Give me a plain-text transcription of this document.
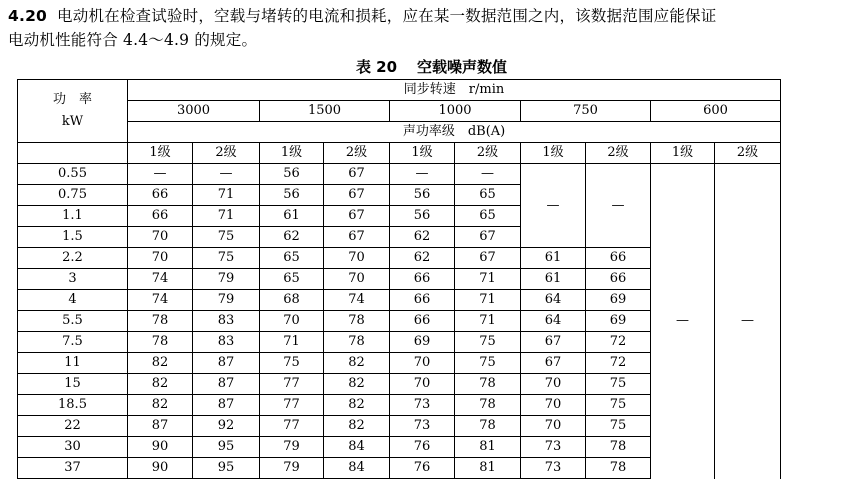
4.20 电动机在检查试验时，空载与堵转的电流和损耗，应在某一数据范围之内，该数据范围应能保证
电动机性能符合 4.4～4.9 的规定。
表 20 空载噪声数值
功　率
kW	同步转速　r/min									
	3000		1500		1000		750		600	
	声功率级　dB(A)									
	1级	2级	1级	2级	1级	2级	1级	2级	1级	2级
0.55	—	—	56	67	—	—	—	—	—	—
0.75	66	71	56	67	56	65				
1.1	66	71	61	67	56	65				
1.5	70	75	62	67	62	67				
2.2	70	75	65	70	62	67	61	66		
3	74	79	65	70	66	71	61	66		
4	74	79	68	74	66	71	64	69		
5.5	78	83	70	78	66	71	64	69		
7.5	78	83	71	78	69	75	67	72		
11	82	87	75	82	70	75	67	72		
15	82	87	77	82	70	78	70	75		
18.5	82	87	77	82	73	78	70	75		
22	87	92	77	82	73	78	70	75		
30	90	95	79	84	76	81	73	78		
37	90	95	79	84	76	81	73	78		
